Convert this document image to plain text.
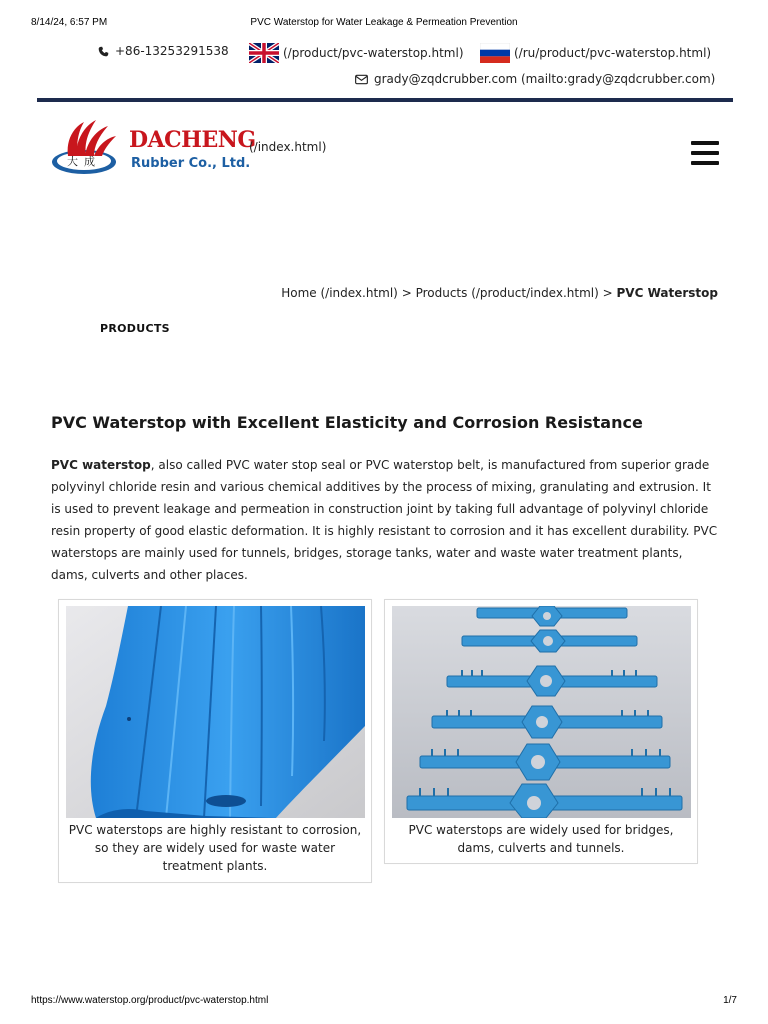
8/14/24, 6:57 PM	PVC Waterstop for Water Leakage & Permeation Prevention
+86-13253291538	(/product/pvc-waterstop.html)	(/ru/product/pvc-waterstop.html)
grady@zqdcrubber.com (mailto:grady@zqdcrubber.com)
大成
DACHENG
Rubber Co., Ltd.
(/index.html)
Home (/index.html) > Products (/product/index.html) > PVC Waterstop
PRODUCTS
PVC Waterstop with Excellent Elasticity and Corrosion Resistance

PVC waterstop, also called PVC water stop seal or PVC waterstop belt, is manufactured from superior grade polyvinyl chloride resin and various chemical additives by the process of mixing, granulating and extrusion. It is used to prevent leakage and permeation in construction joint by taking full advantage of polyvinyl chloride resin property of good elastic deformation. It is highly resistant to corrosion and it has excellent durability. PVC waterstops are mainly used for tunnels, bridges, storage tanks, water and waste water treatment plants, dams, culverts and other places.

PVC waterstops are highly resistant to corrosion, so they are widely used for waste water treatment plants.
PVC waterstops are widely used for bridges, dams, culverts and tunnels.
https://www.waterstop.org/product/pvc-waterstop.html	1/7
